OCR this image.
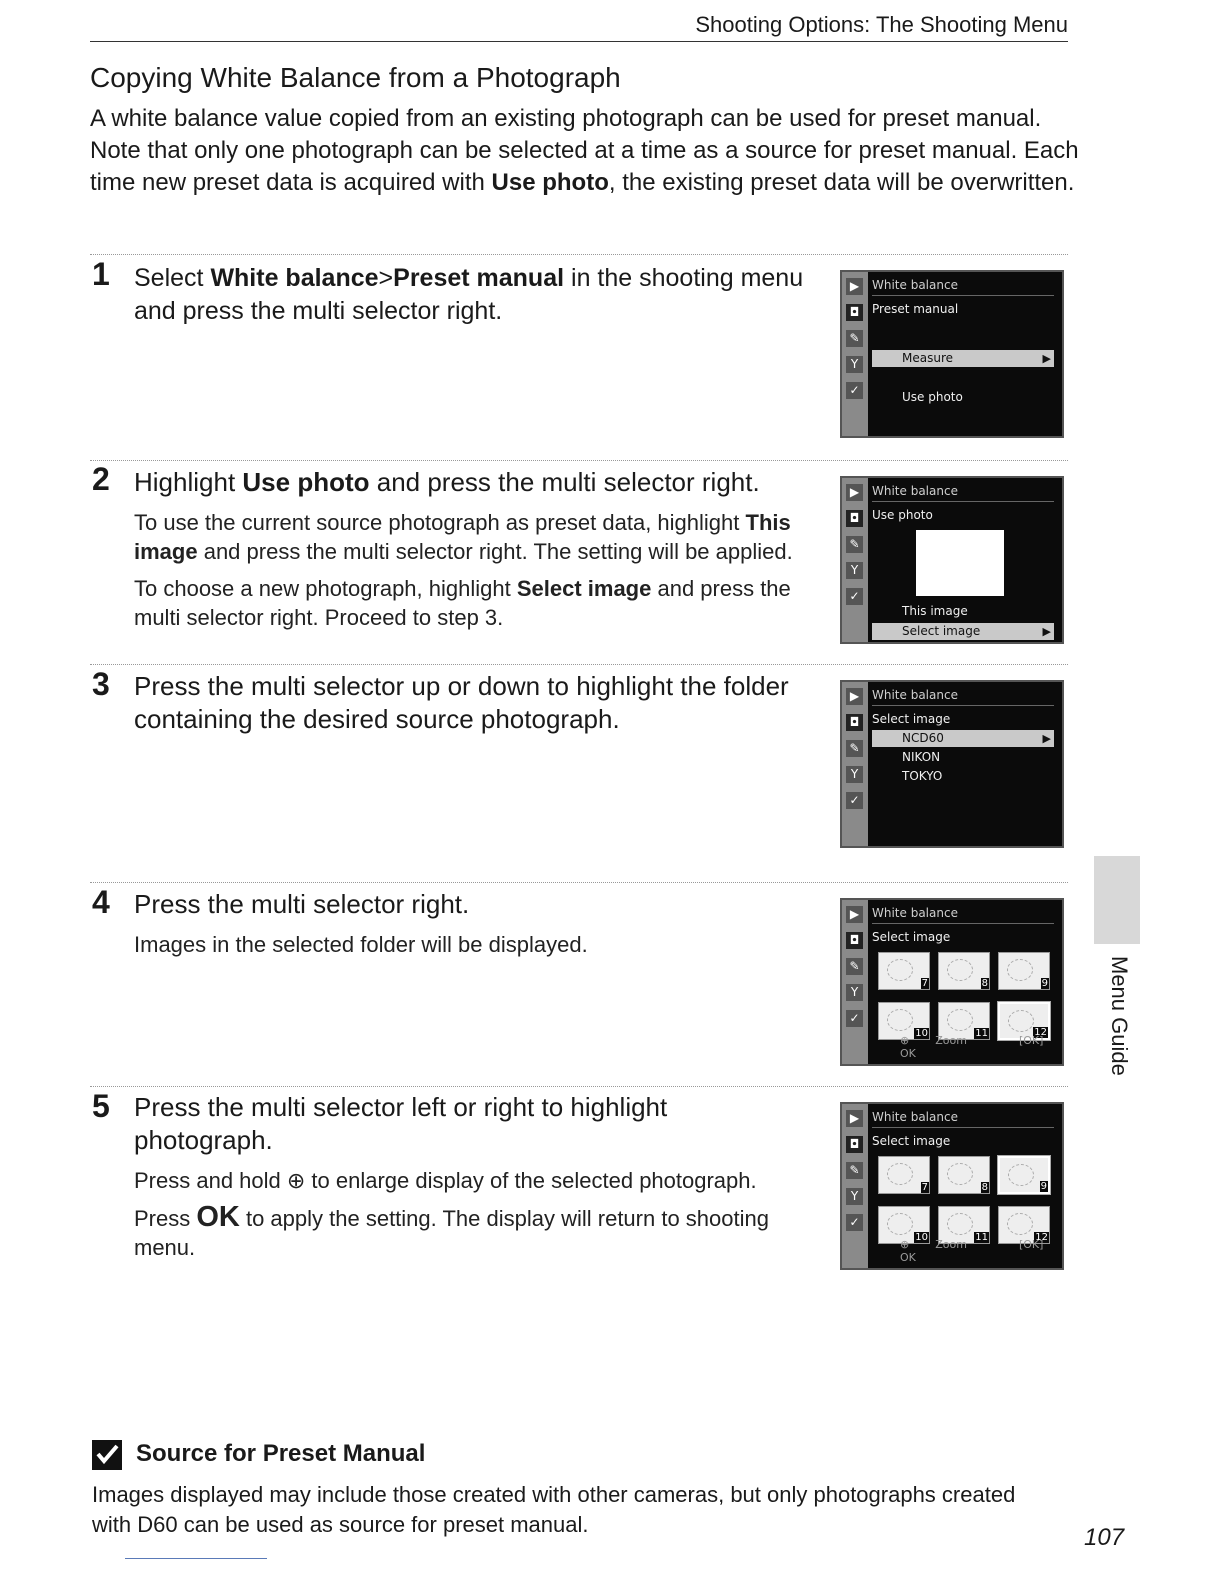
Shooting Options: The Shooting Menu
Copying White Balance from a Photograph
A white balance value copied from an existing photograph can be used for preset manual. Note that only one photograph can be selected at a time as a source for preset manual. Each time new preset data is acquired with Use photo, the existing preset data will be overwritten.
1 Select White balance>Preset manual in the shooting menu and press the multi selector right.
▶
◘
✎
Y
✓
White balance
Preset manual
Measure	▶
Use photo
2 Highlight Use photo and press the multi selector right.

To use the current source photograph as preset data, highlight This image and press the multi selector right. The setting will be applied.

To choose a new photograph, highlight Select image and press the multi selector right. Proceed to step 3.

▶
◘
✎
Y
✓
White balance
Use photo
This image
Select image	▶
3 Press the multi selector up or down to highlight the folder containing the desired source photograph.
▶
◘
✎
Y
✓
White balance
Select image
NCD60	▶
NIKON
TOKYO
4 Press the multi selector right.
Images in the selected folder will be displayed.
▶
◘
✎
Y
✓
White balance
Select image
7	8	9
10	11	12
⊕ Zoom	[OK] OK
5 Press the multi selector left or right to highlight photograph.

Press and hold ⊕ to enlarge display of the selected photograph.

Press OK to apply the setting. The display will return to shooting menu.

▶
◘
✎
Y
✓
White balance
Select image
7	8	9
10	11	12
⊕ Zoom	[OK] OK
Source for Preset Manual
Images displayed may include those created with other cameras, but only photographs created with D60 can be used as source for preset manual.
Menu Guide
107
